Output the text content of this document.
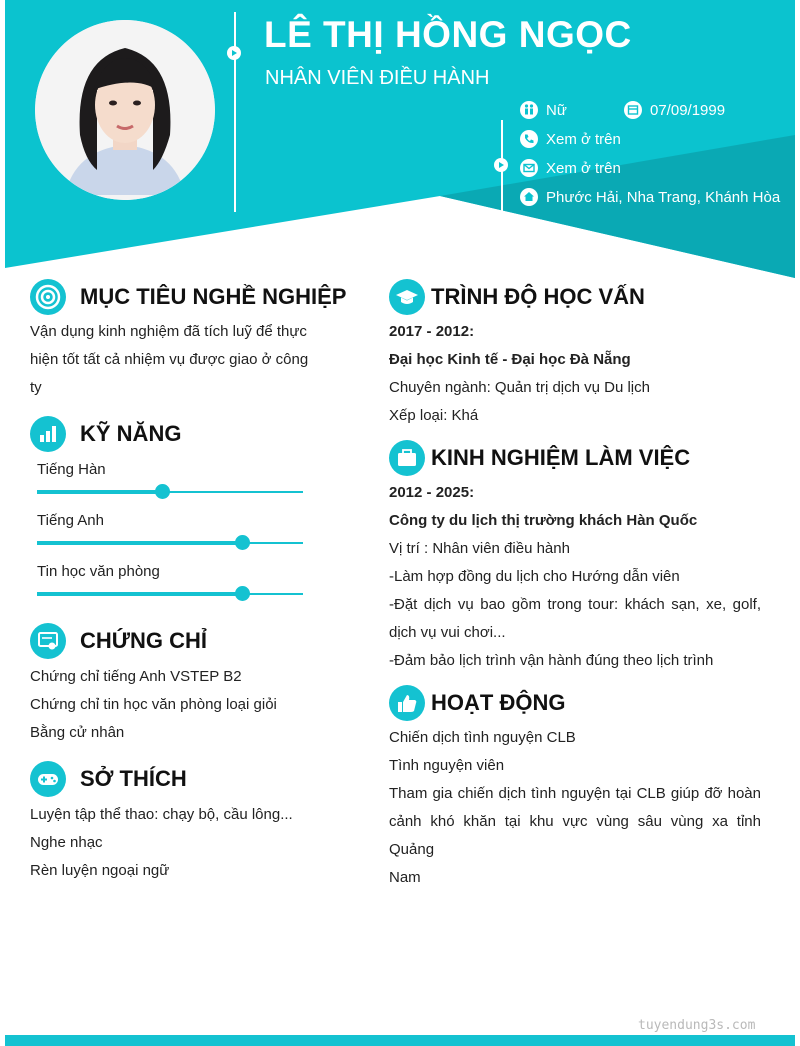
LÊ THỊ HỒNG NGỌC
NHÂN VIÊN ĐIỀU HÀNH
Nữ	07/09/1999
Xem ở trên
Xem ở trên
Phước Hải, Nha Trang, Khánh Hòa
MỤC TIÊU NGHỀ NGHIỆP
Vận dụng kinh nghiệm đã tích luỹ để thực
hiện tốt tất cả nhiệm vụ được giao ở công
ty
KỸ NĂNG
Tiếng Hàn
Tiếng Anh
Tin học văn phòng
CHỨNG CHỈ
Chứng chỉ tiếng Anh VSTEP B2
Chứng chỉ tin học văn phòng loại giỏi
Bằng cử nhân
SỞ THÍCH
Luyện tập thể thao: chạy bộ, cầu lông...
Nghe nhạc
Rèn luyện ngoại ngữ
TRÌNH ĐỘ HỌC VẤN
2017 - 2012:
Đại học Kinh tế - Đại học Đà Nẵng
Chuyên ngành: Quản trị dịch vụ Du lịch
Xếp loại: Khá
KINH NGHIỆM LÀM VIỆC
2012 - 2025:
Công ty du lịch thị trường khách Hàn Quốc
Vị trí : Nhân viên điều hành
-Làm hợp đồng du lịch cho Hướng dẫn viên
-Đặt dịch vụ bao gồm trong tour: khách sạn, xe, golf,
dịch vụ vui chơi...
-Đảm bảo lịch trình vận hành đúng theo lịch trình
HOẠT ĐỘNG
Chiến dịch tình nguyện CLB
Tình nguyện viên
Tham gia chiến dịch tình nguyện tại CLB giúp đỡ hoàn
cảnh khó khăn tại khu vực vùng sâu vùng xa tỉnh Quảng
Nam
tuyendung3s.com
